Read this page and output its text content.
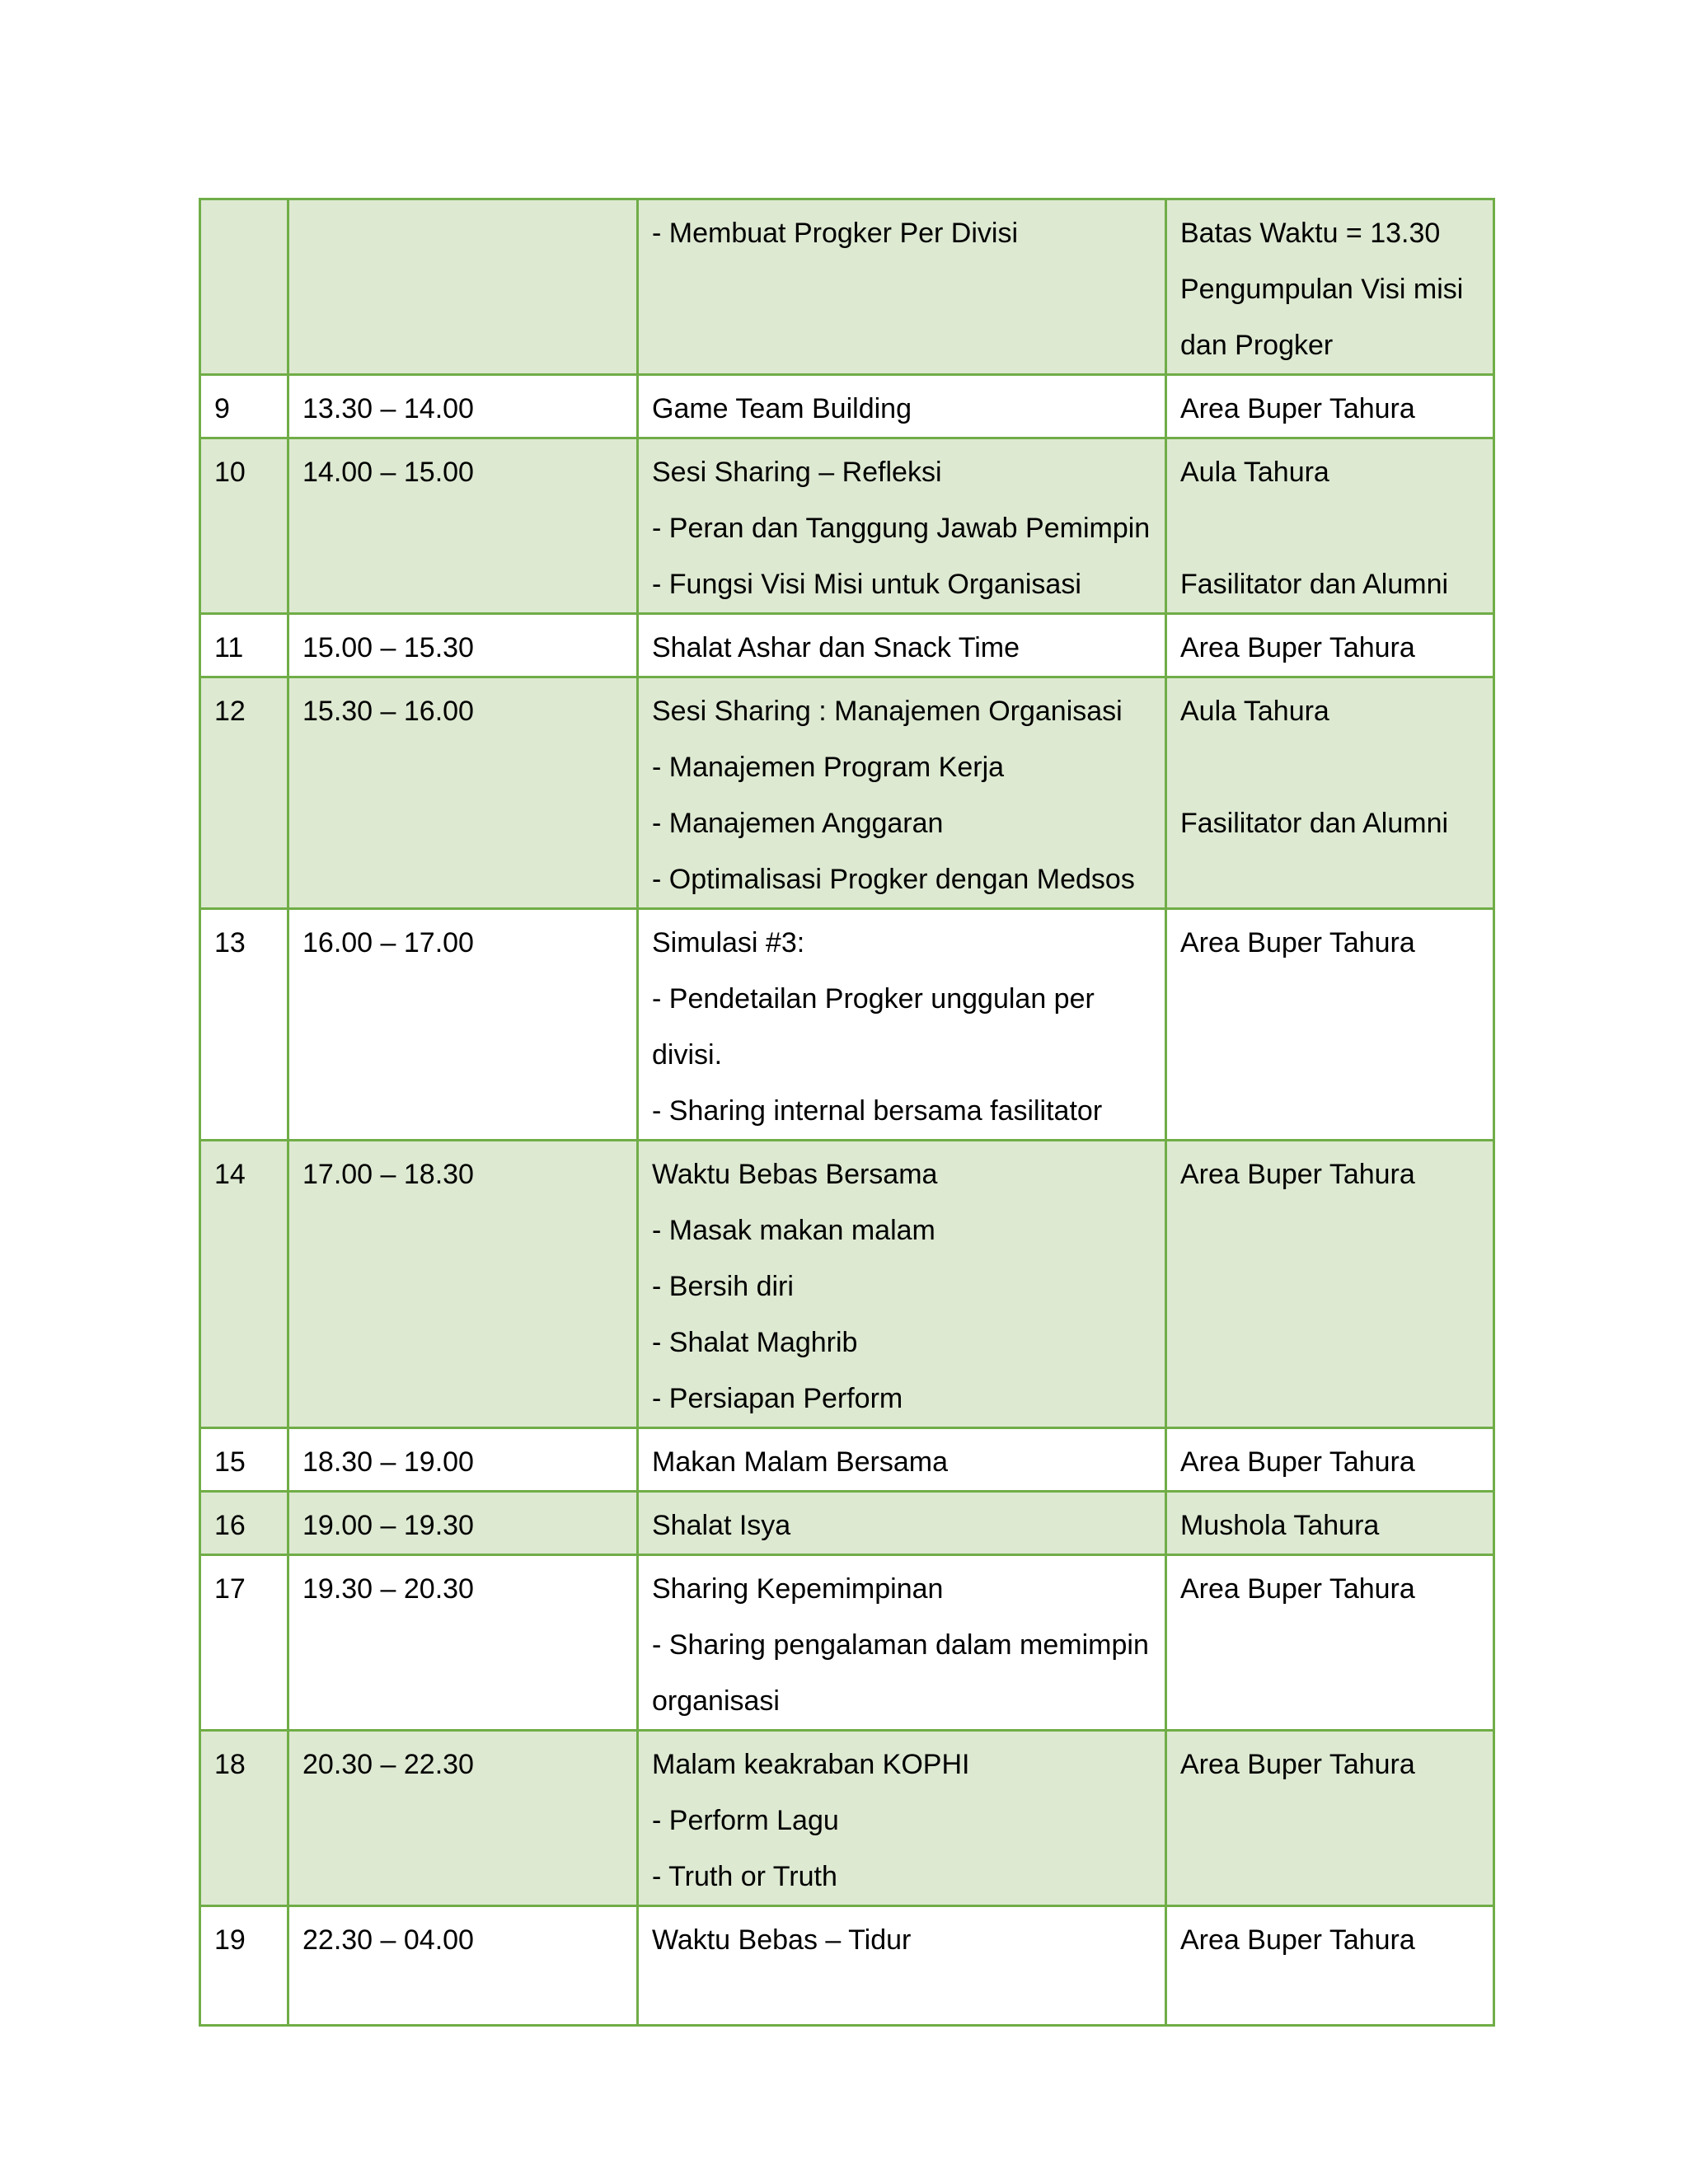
		- Membuat Progker Per Divisi	Batas Waktu = 13.30
Pengumpulan Visi misi
dan Progker

9	13.30 – 14.00	Game Team Building	Area Buper Tahura

10	14.00 – 15.00	Sesi Sharing – Refleksi
- Peran dan Tanggung Jawab Pemimpin
- Fungsi Visi Misi untuk Organisasi	Aula Tahura
Fasilitator dan Alumni

11	15.00 – 15.30	Shalat Ashar dan Snack Time	Area Buper Tahura

12	15.30 – 16.00	Sesi Sharing : Manajemen Organisasi
- Manajemen Program Kerja
- Manajemen Anggaran
- Optimalisasi Progker dengan Medsos	Aula Tahura
Fasilitator dan Alumni

13	16.00 – 17.00	Simulasi #3:
- Pendetailan Progker unggulan per
divisi.
- Sharing internal bersama fasilitator	Area Buper Tahura

14	17.00 – 18.30	Waktu Bebas Bersama
- Masak makan malam
- Bersih diri
- Shalat Maghrib
- Persiapan Perform	Area Buper Tahura

15	18.30 – 19.00	Makan Malam Bersama	Area Buper Tahura

16	19.00 – 19.30	Shalat Isya	Mushola Tahura

17	19.30 – 20.30	Sharing Kepemimpinan
- Sharing pengalaman dalam memimpin
organisasi	Area Buper Tahura

18	20.30 – 22.30	Malam keakraban KOPHI
- Perform Lagu
- Truth or Truth	Area Buper Tahura

19	22.30 – 04.00	Waktu Bebas – Tidur	Area Buper Tahura
